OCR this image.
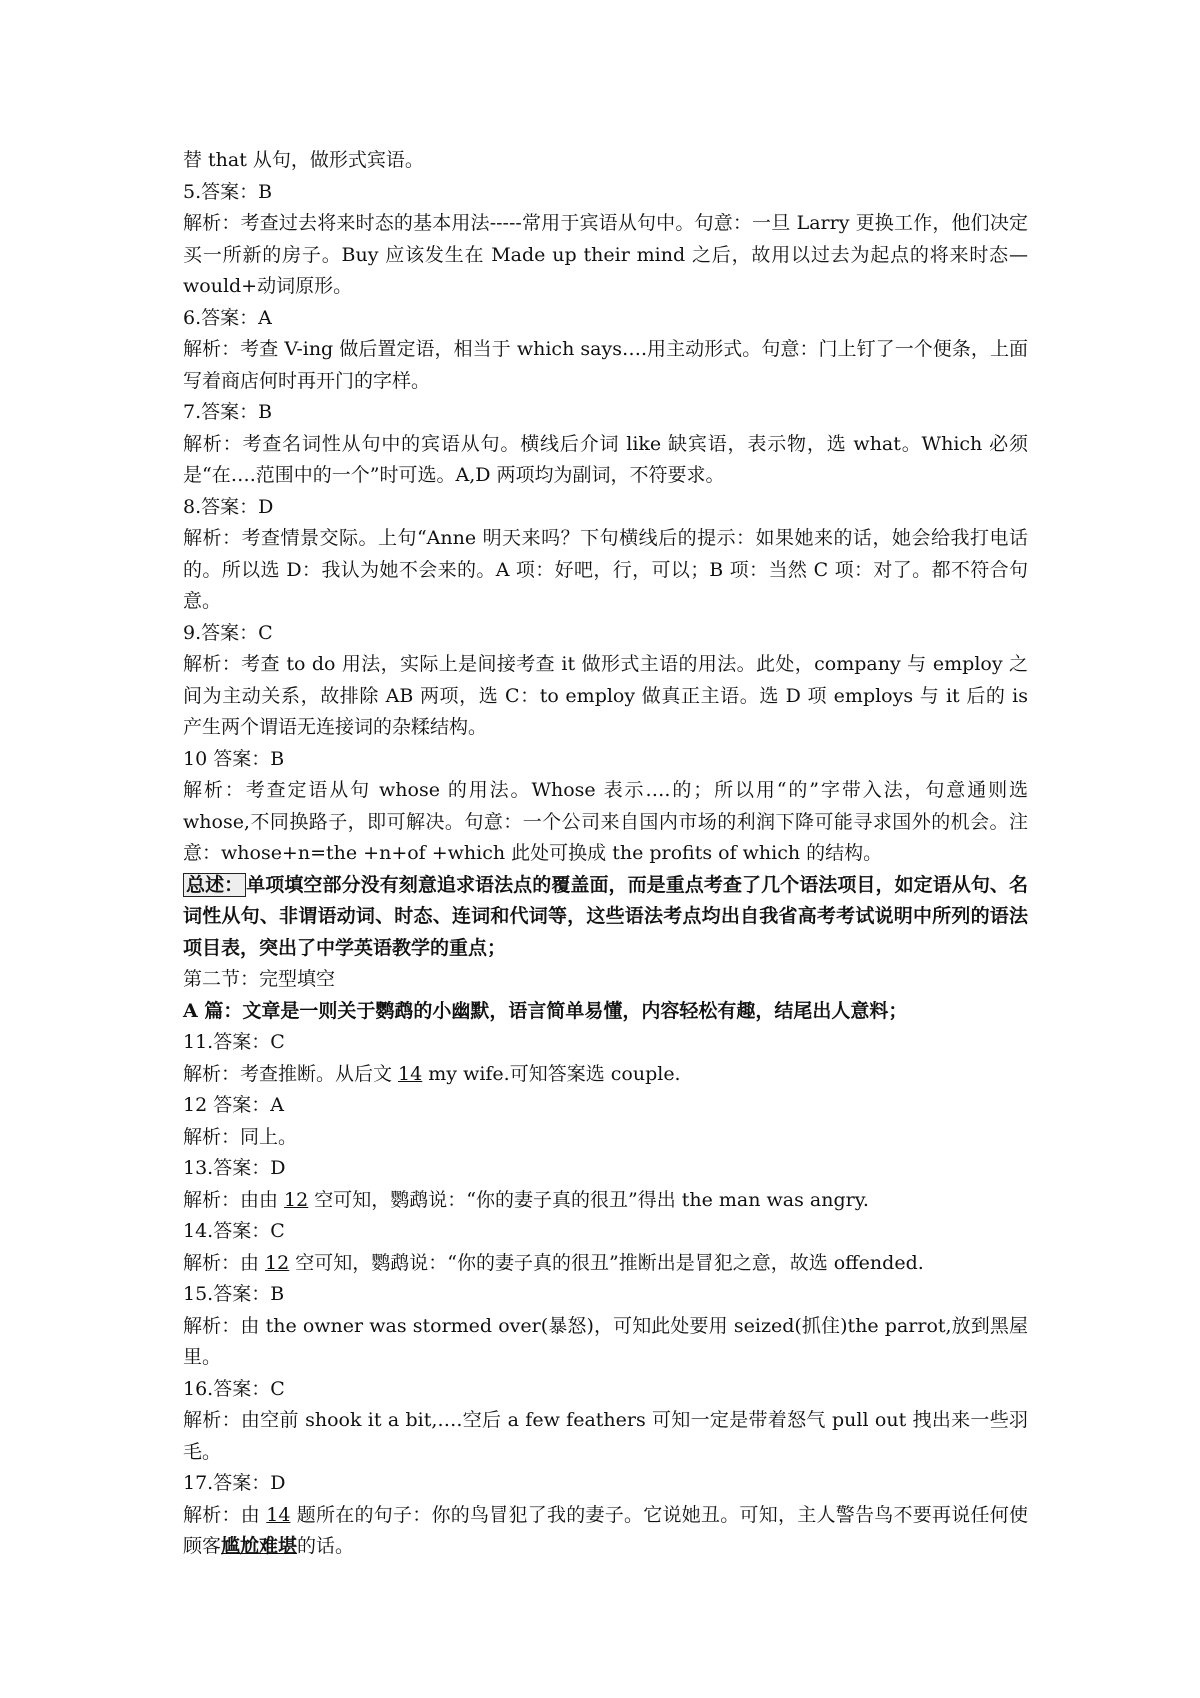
替 that 从句，做形式宾语。
5.答案：B
解析：考查过去将来时态的基本用法-----常用于宾语从句中。句意：一旦 Larry 更换工作，他们决定买一所新的房子。Buy 应该发生在 Made up their mind 之后，故用以过去为起点的将来时态—would+动词原形。
6.答案：A
解析：考查 V-ing 做后置定语，相当于 which says….用主动形式。句意：门上钉了一个便条，上面写着商店何时再开门的字样。
7.答案：B
解析：考查名词性从句中的宾语从句。横线后介词 like 缺宾语，表示物，选 what。Which 必须是“在….范围中的一个”时可选。A,D 两项均为副词，不符要求。
8.答案：D
解析：考查情景交际。上句“Anne 明天来吗？下句横线后的提示：如果她来的话，她会给我打电话的。所以选 D：我认为她不会来的。A 项：好吧，行，可以；B 项：当然 C 项：对了。都不符合句意。
9.答案：C
解析：考查 to do 用法，实际上是间接考查 it 做形式主语的用法。此处，company 与 employ 之间为主动关系，故排除 AB 两项，选 C：to employ 做真正主语。选 D 项 employs 与 it 后的 is 产生两个谓语无连接词的杂糅结构。
10 答案：B
解析：考查定语从句 whose 的用法。Whose 表示….的；所以用“的”字带入法，句意通则选 whose,不同换路子，即可解决。句意：一个公司来自国内市场的利润下降可能寻求国外的机会。注意：whose+n=the +n+of +which 此处可换成 the profits of which 的结构。
总述： 单项填空部分没有刻意追求语法点的覆盖面，而是重点考查了几个语法项目，如定语从句、名词性从句、非谓语动词、时态、连词和代词等，这些语法考点均出自我省高考考试说明中所列的语法项目表，突出了中学英语教学的重点；
第二节：完型填空
A 篇：文章是一则关于鹦鹉的小幽默，语言简单易懂，内容轻松有趣，结尾出人意料；
11.答案：C
解析：考查推断。从后文 14 my wife.可知答案选 couple.
12 答案：A
解析：同上。
13.答案：D
解析：由由 12 空可知，鹦鹉说：“你的妻子真的很丑”得出 the man was angry.
14.答案：C
解析：由 12 空可知，鹦鹉说：“你的妻子真的很丑”推断出是冒犯之意，故选 offended.
15.答案：B
解析：由 the owner was stormed over(暴怒)，可知此处要用 seized(抓住)the parrot,放到黑屋里。
16.答案：C
解析：由空前 shook it a bit,….空后 a few feathers 可知一定是带着怒气 pull out 拽出来一些羽毛。
17.答案：D
解析：由 14 题所在的句子：你的鸟冒犯了我的妻子。它说她丑。可知，主人警告鸟不要再说任何使顾客尴尬难堪的话。
